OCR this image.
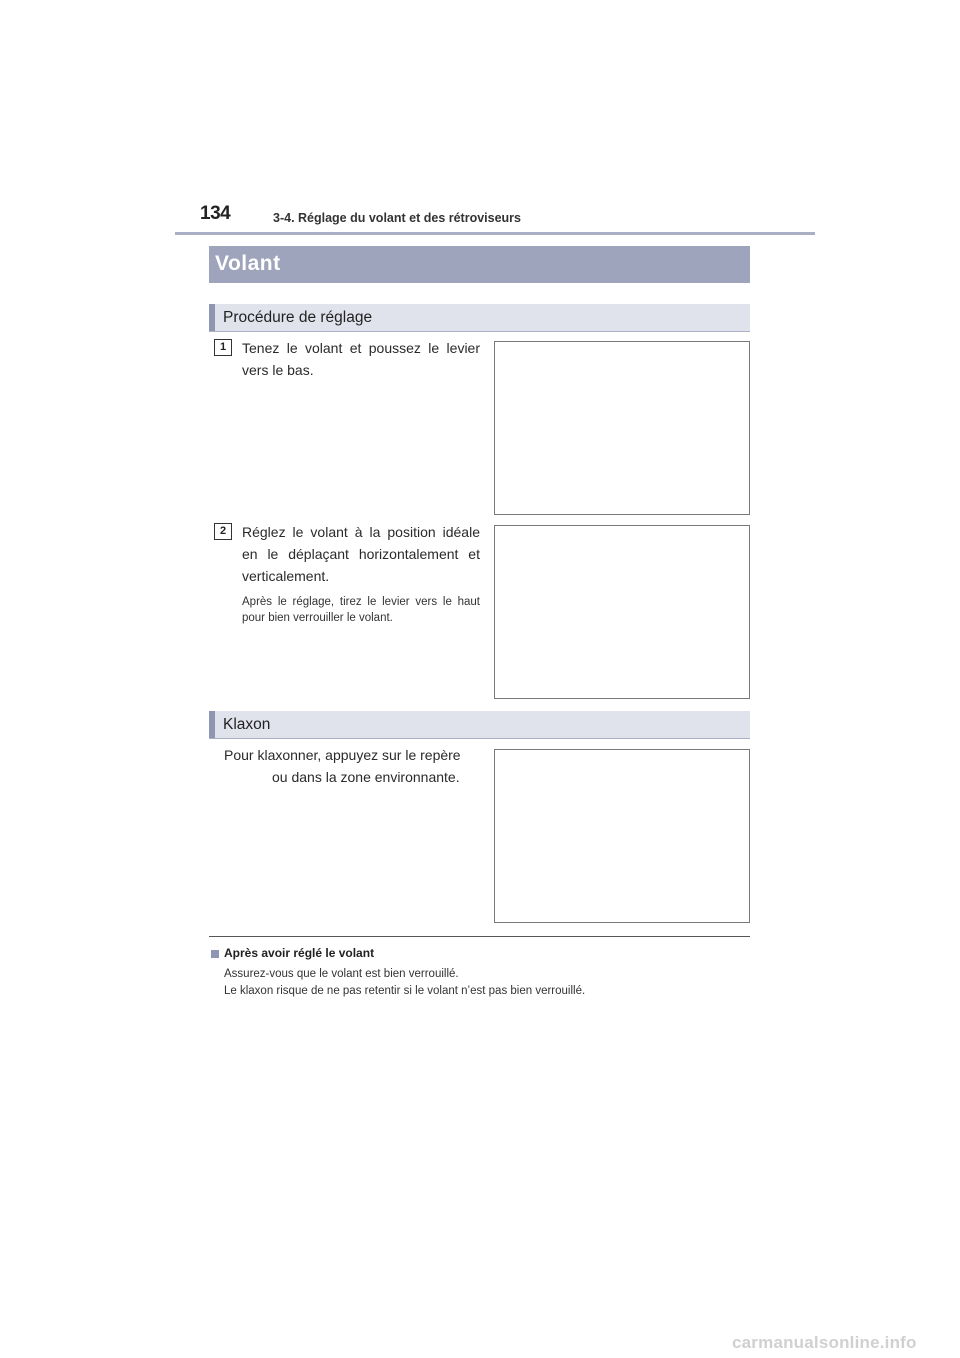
134	3-4. Réglage du volant et des rétroviseurs
Volant
Procédure de réglage
1	Tenez le volant et poussez le levier vers le bas.
2	Réglez le volant à la position idéale en le déplaçant horizontalement et verticalement.
Après le réglage, tirez le levier vers le haut pour bien verrouiller le volant.
Klaxon
Pour klaxonner, appuyez sur le repère
ou dans la zone environnante.
Après avoir réglé le volant
Assurez-vous que le volant est bien verrouillé.
Le klaxon risque de ne pas retentir si le volant n’est pas bien verrouillé.
carmanualsonline.info
